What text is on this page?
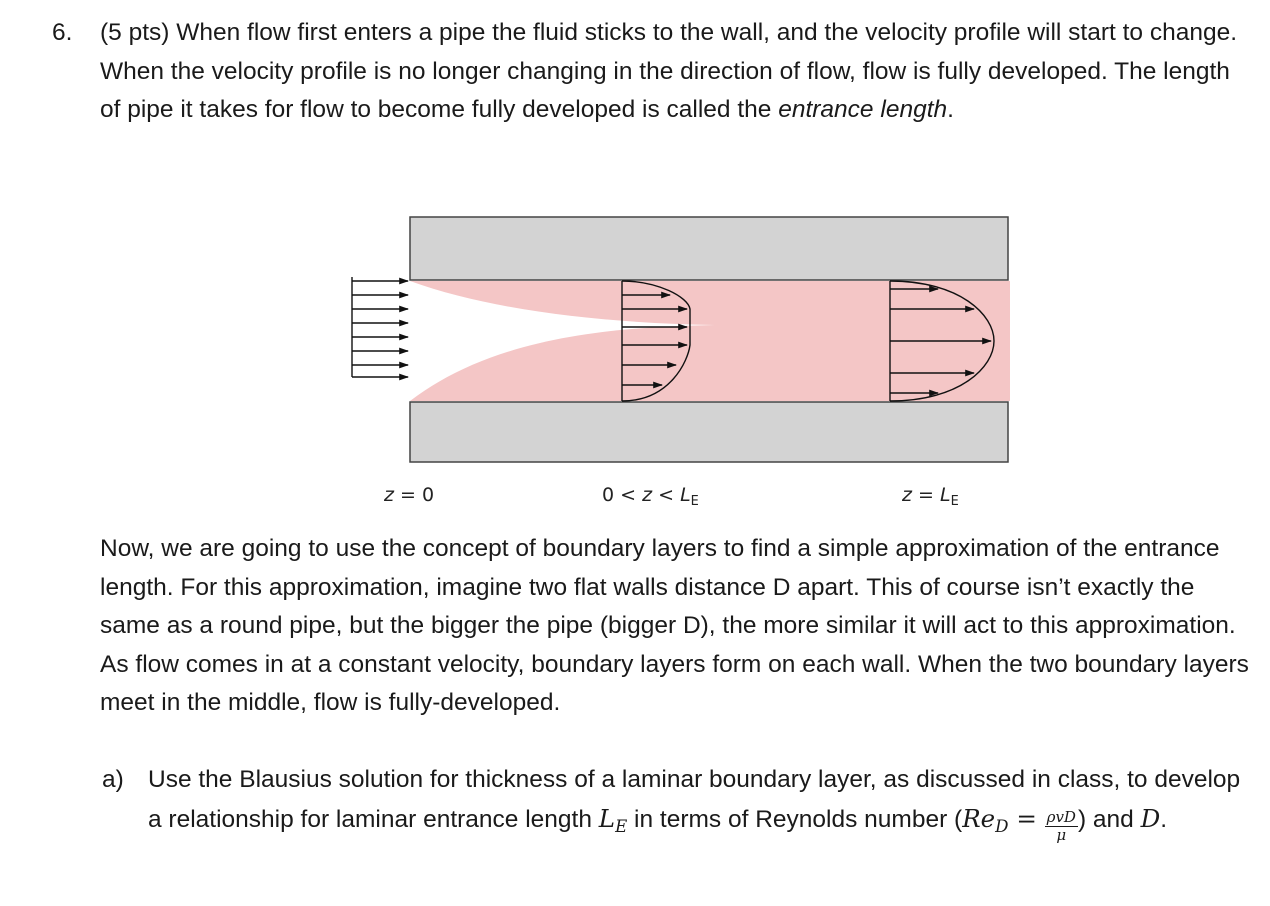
6. (5 pts) When flow first enters a pipe the fluid sticks to the wall, and the velocity profile will start to change. When the velocity profile is no longer changing in the direction of flow, flow is fully developed. The length of pipe it takes for flow to become fully developed is called the entrance length.

z = 0	$0 < z < L_E$	$z = L_E$

Now, we are going to use the concept of boundary layers to find a simple approximation of the entrance length. For this approximation, imagine two flat walls distance D apart. This of course isn’t exactly the same as a round pipe, but the bigger the pipe (bigger D), the more similar it will act to this approximation. As flow comes in at a constant velocity, boundary layers form on each wall. When the two boundary layers meet in the middle, flow is fully-developed.

a) Use the Blausius solution for thickness of a laminar boundary layer, as discussed in class, to develop a relationship for laminar entrance length $L_E$ in terms of Reynolds number ($Re_D = \frac{\text{ρvD}}{\mu}$ ) and D.
